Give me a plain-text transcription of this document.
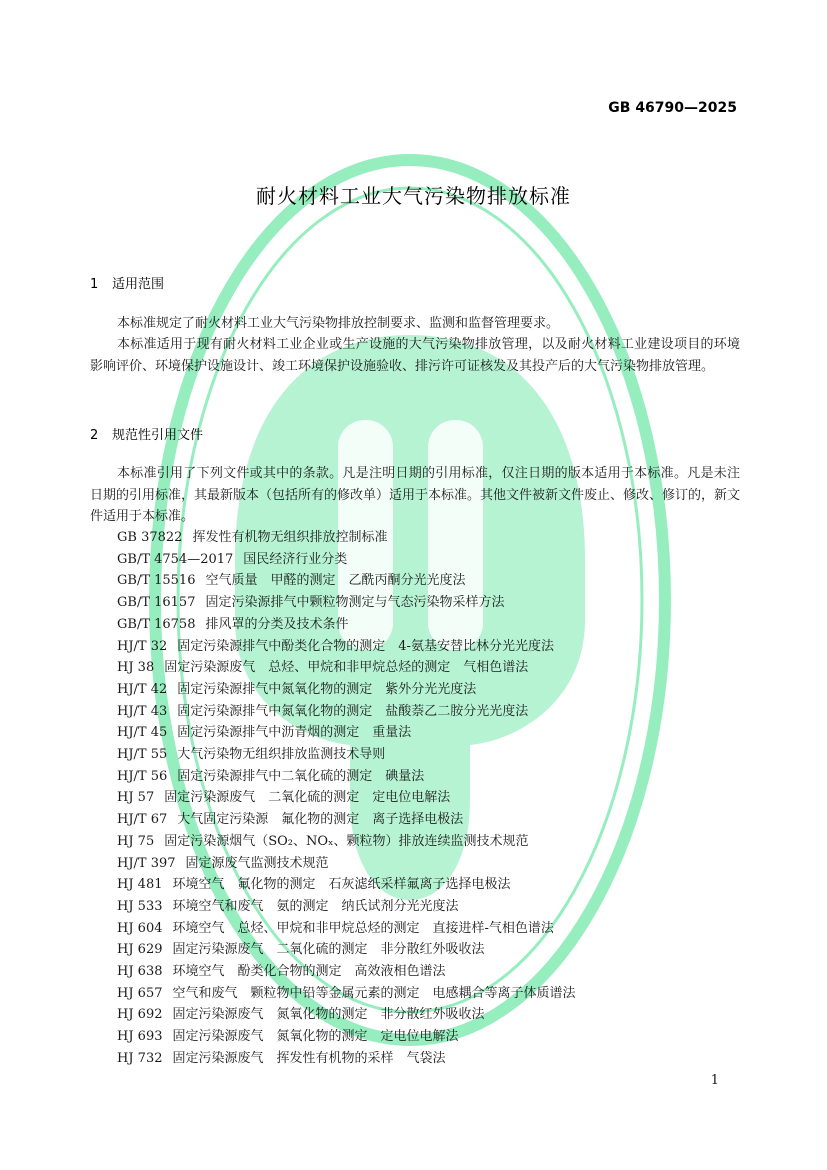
GB 46790—2025
耐火材料工业大气污染物排放标准
1 适用范围

本标准规定了耐火材料工业大气污染物排放控制要求、监测和监督管理要求。

本标准适用于现有耐火材料工业企业或生产设施的大气污染物排放管理，以及耐火材料工业建设项目的环境影响评价、环境保护设施设计、竣工环境保护设施验收、排污许可证核发及其投产后的大气污染物排放管理。

2 规范性引用文件

本标准引用了下列文件或其中的条款。凡是注明日期的引用标准，仅注日期的版本适用于本标准。凡是未注日期的引用标准，其最新版本（包括所有的修改单）适用于本标准。其他文件被新文件废止、修改、修订的，新文件适用于本标准。

GB 37822 挥发性有机物无组织排放控制标准
GB/T 4754—2017 国民经济行业分类
GB/T 15516 空气质量　甲醛的测定　乙酰丙酮分光光度法
GB/T 16157 固定污染源排气中颗粒物测定与气态污染物采样方法
GB/T 16758 排风罩的分类及技术条件
HJ/T 32 固定污染源排气中酚类化合物的测定　4-氨基安替比林分光光度法
HJ 38 固定污染源废气　总烃、甲烷和非甲烷总烃的测定　气相色谱法
HJ/T 42 固定污染源排气中氮氧化物的测定　紫外分光光度法
HJ/T 43 固定污染源排气中氮氧化物的测定　盐酸萘乙二胺分光光度法
HJ/T 45 固定污染源排气中沥青烟的测定　重量法
HJ/T 55 大气污染物无组织排放监测技术导则
HJ/T 56 固定污染源排气中二氧化硫的测定　碘量法
HJ 57 固定污染源废气　二氧化硫的测定　定电位电解法
HJ/T 67 大气固定污染源　氟化物的测定　离子选择电极法
HJ 75 固定污染源烟气（SO₂、NOₓ、颗粒物）排放连续监测技术规范
HJ/T 397 固定源废气监测技术规范
HJ 481 环境空气　氟化物的测定　石灰滤纸采样氟离子选择电极法
HJ 533 环境空气和废气　氨的测定　纳氏试剂分光光度法
HJ 604 环境空气　总烃、甲烷和非甲烷总烃的测定　直接进样-气相色谱法
HJ 629 固定污染源废气　二氧化硫的测定　非分散红外吸收法
HJ 638 环境空气　酚类化合物的测定　高效液相色谱法
HJ 657 空气和废气　颗粒物中铅等金属元素的测定　电感耦合等离子体质谱法
HJ 692 固定污染源废气　氮氧化物的测定　非分散红外吸收法
HJ 693 固定污染源废气　氮氧化物的测定　定电位电解法
HJ 732 固定污染源废气　挥发性有机物的采样　气袋法
1
